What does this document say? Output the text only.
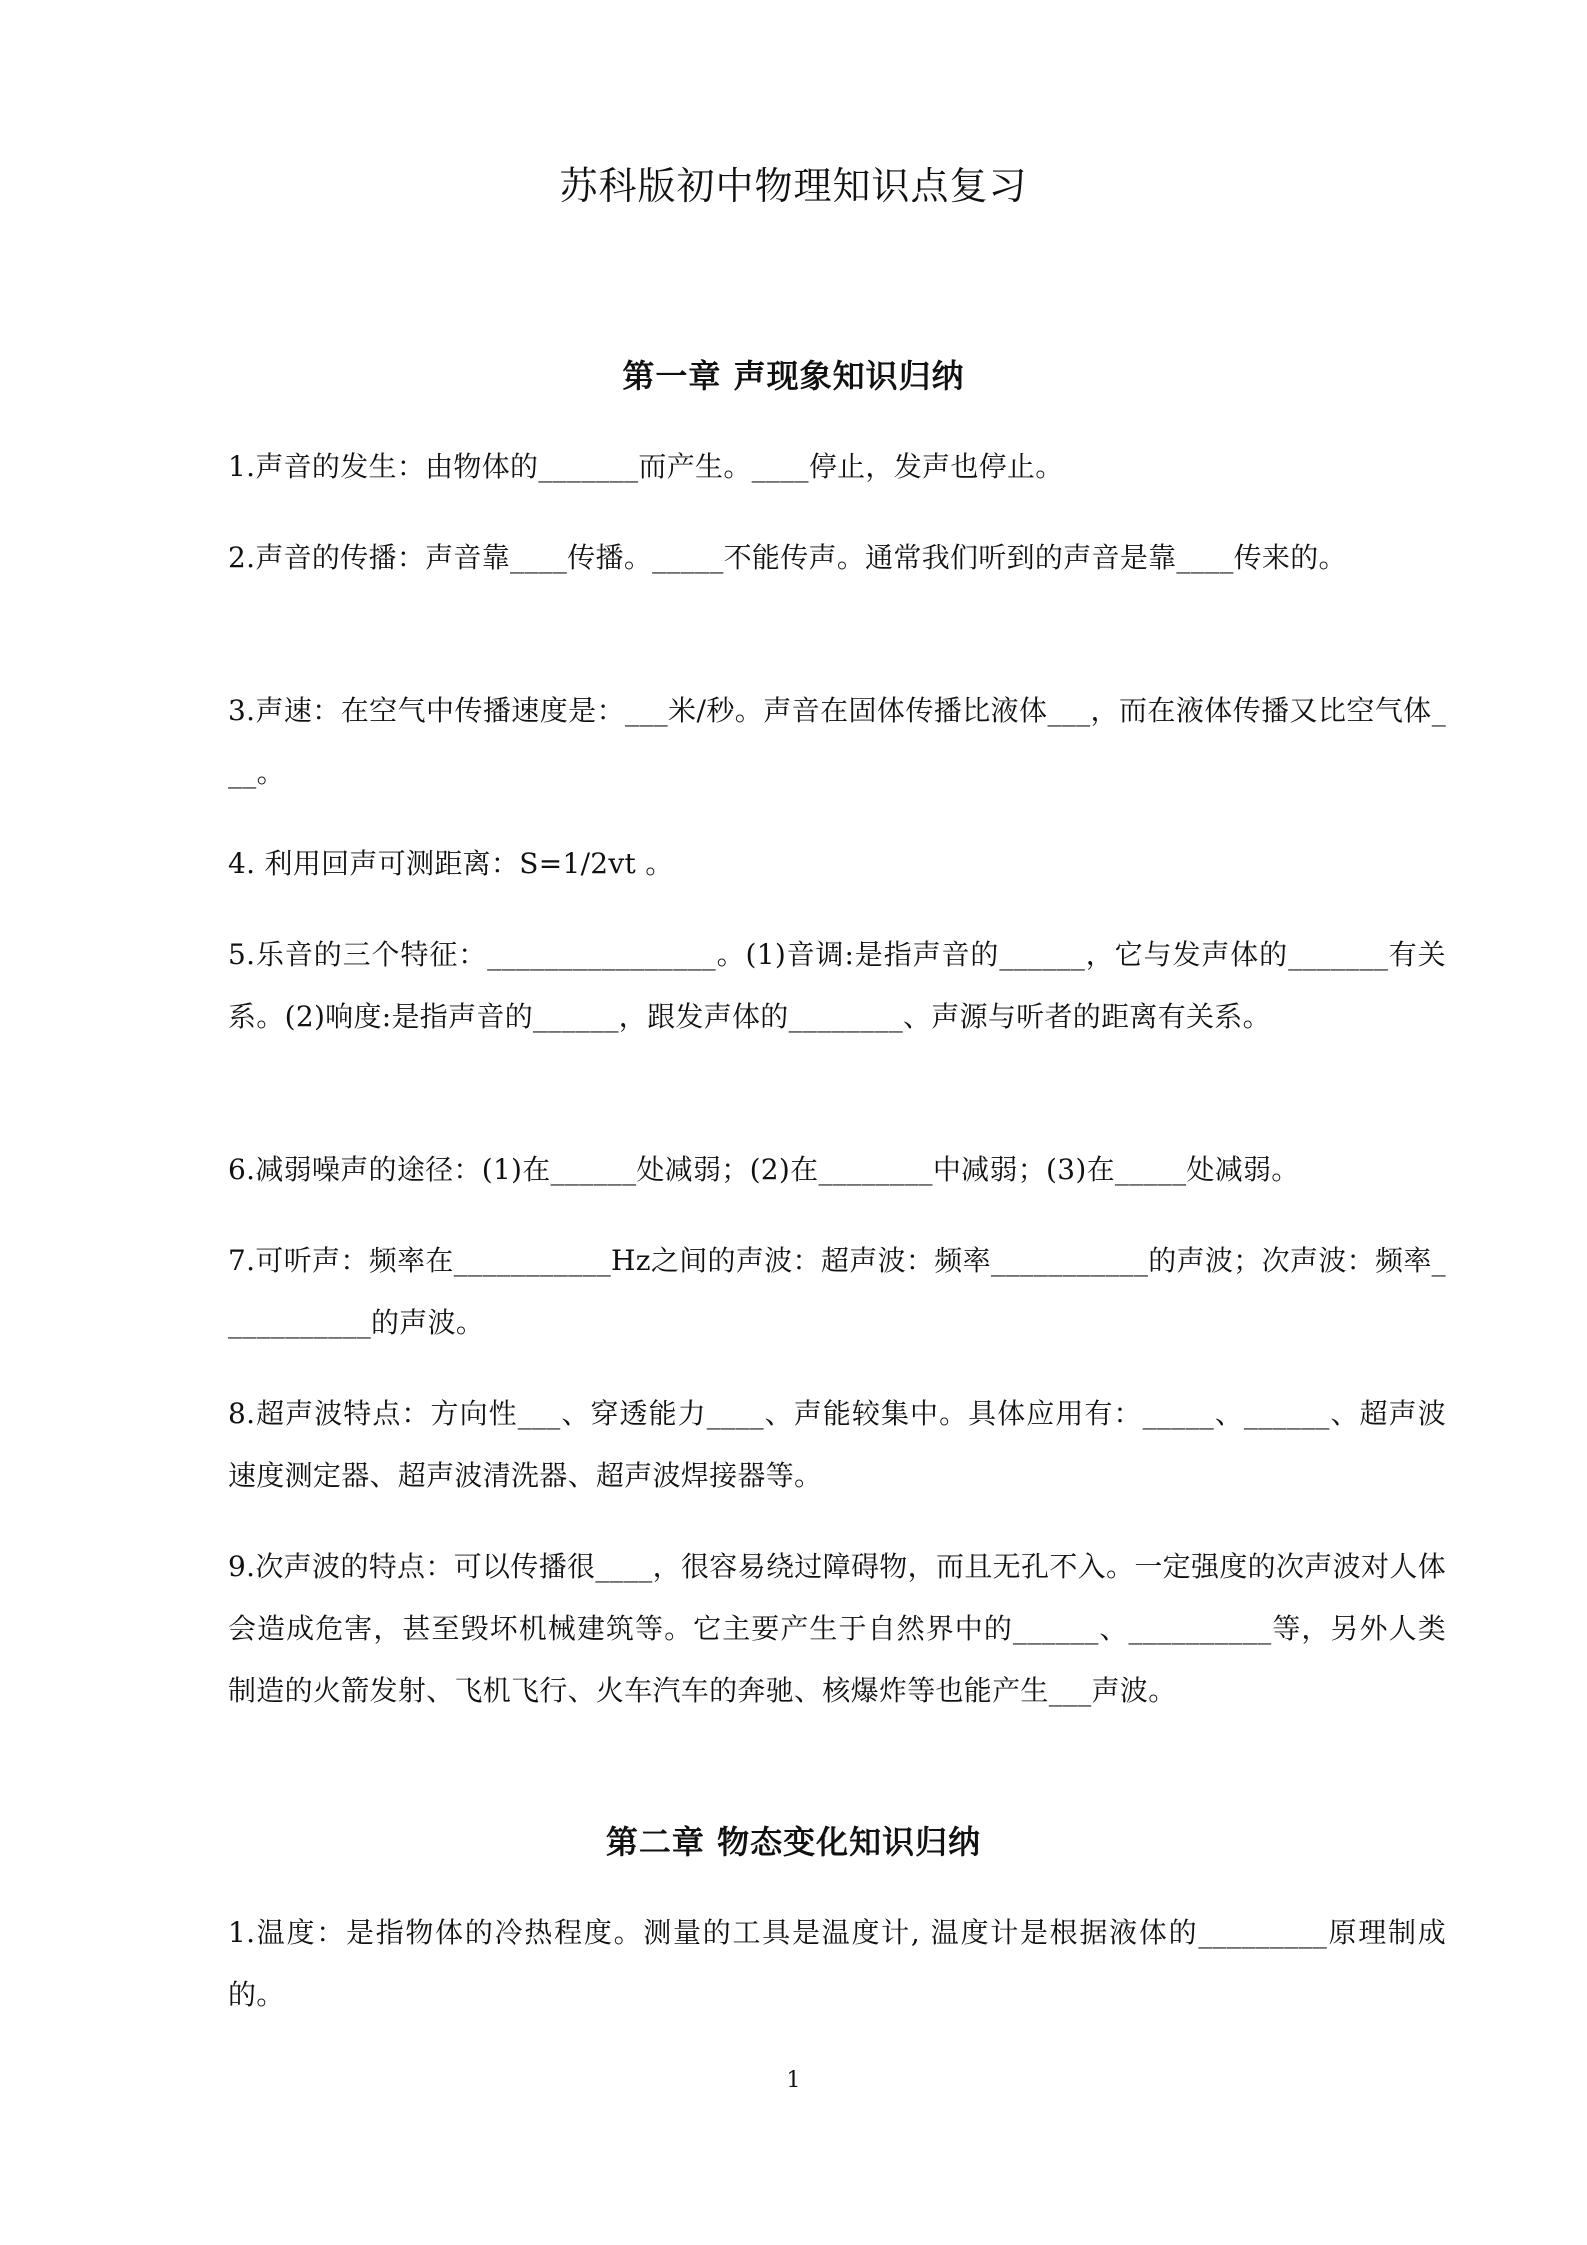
苏科版初中物理知识点复习
第一章 声现象知识归纳
1.声音的发生：由物体的_______而产生。____停止，发声也停止。
2.声音的传播：声音靠____传播。_____不能传声。通常我们听到的声音是靠____传来的。
3.声速：在空气中传播速度是：___米/秒。声音在固体传播比液体___，而在液体传播又比空气体___。
4. 利用回声可测距离：S=1/2vt 。
5.乐音的三个特征：________________。(1)音调:是指声音的______，它与发声体的_______有关系。(2)响度:是指声音的______，跟发声体的________、声源与听者的距离有关系。
6.减弱噪声的途径：(1)在______处减弱；(2)在________中减弱；(3)在_____处减弱。
7.可听声：频率在___________Hz之间的声波：超声波：频率___________的声波；次声波：频率___________的声波。
8.超声波特点：方向性___、穿透能力____、声能较集中。具体应用有：_____、______、超声波速度测定器、超声波清洗器、超声波焊接器等。
9.次声波的特点：可以传播很____，很容易绕过障碍物，而且无孔不入。一定强度的次声波对人体会造成危害，甚至毁坏机械建筑等。它主要产生于自然界中的______、__________等，另外人类制造的火箭发射、飞机飞行、火车汽车的奔驰、核爆炸等也能产生___声波。
第二章 物态变化知识归纳
1.温度：是指物体的冷热程度。测量的工具是温度计, 温度计是根据液体的_________原理制成的。
1
